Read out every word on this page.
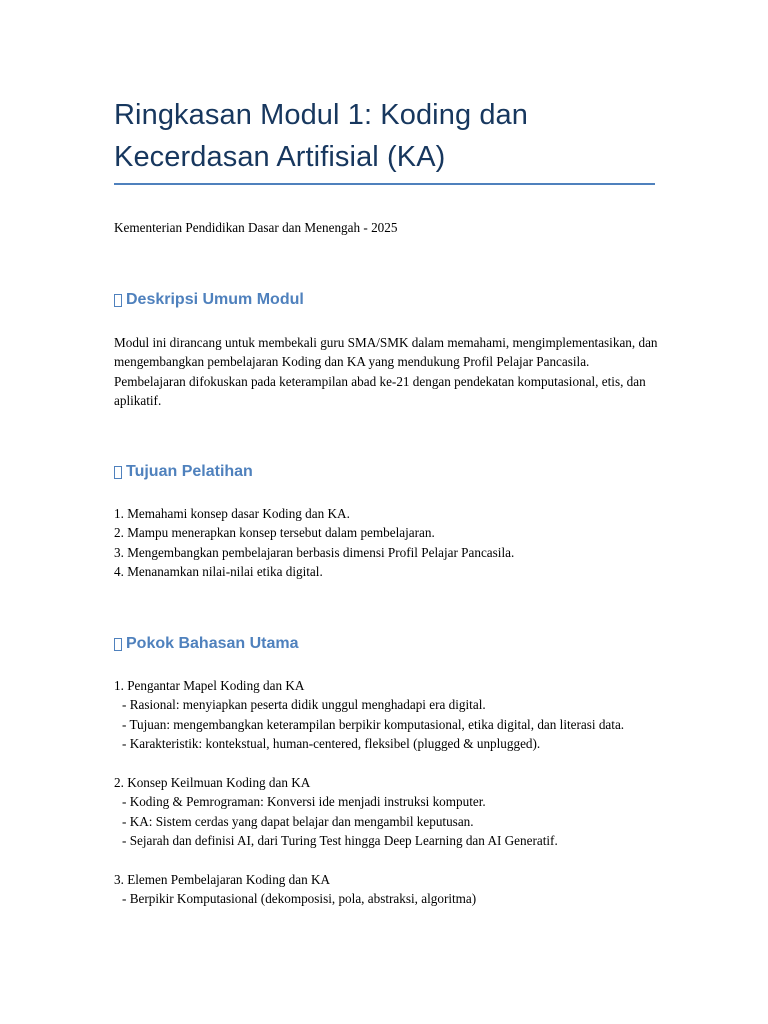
Ringkasan Modul 1: Koding dan Kecerdasan Artifisial (KA)

Kementerian Pendidikan Dasar dan Menengah - 2025

Deskripsi Umum Modul

Modul ini dirancang untuk membekali guru SMA/SMK dalam memahami, mengimplementasikan, dan mengembangkan pembelajaran Koding dan KA yang mendukung Profil Pelajar Pancasila. Pembelajaran difokuskan pada keterampilan abad ke-21 dengan pendekatan komputasional, etis, dan aplikatif.

Tujuan Pelatihan
1. Memahami konsep dasar Koding dan KA.
2. Mampu menerapkan konsep tersebut dalam pembelajaran.
3. Mengembangkan pembelajaran berbasis dimensi Profil Pelajar Pancasila.
4. Menanamkan nilai-nilai etika digital.
Pokok Bahasan Utama
1. Pengantar Mapel Koding dan KA
- Rasional: menyiapkan peserta didik unggul menghadapi era digital.
- Tujuan: mengembangkan keterampilan berpikir komputasional, etika digital, dan literasi data.
- Karakteristik: kontekstual, human-centered, fleksibel (plugged & unplugged).
2. Konsep Keilmuan Koding dan KA
- Koding & Pemrograman: Konversi ide menjadi instruksi komputer.
- KA: Sistem cerdas yang dapat belajar dan mengambil keputusan.
- Sejarah dan definisi AI, dari Turing Test hingga Deep Learning dan AI Generatif.
3. Elemen Pembelajaran Koding dan KA
- Berpikir Komputasional (dekomposisi, pola, abstraksi, algoritma)
